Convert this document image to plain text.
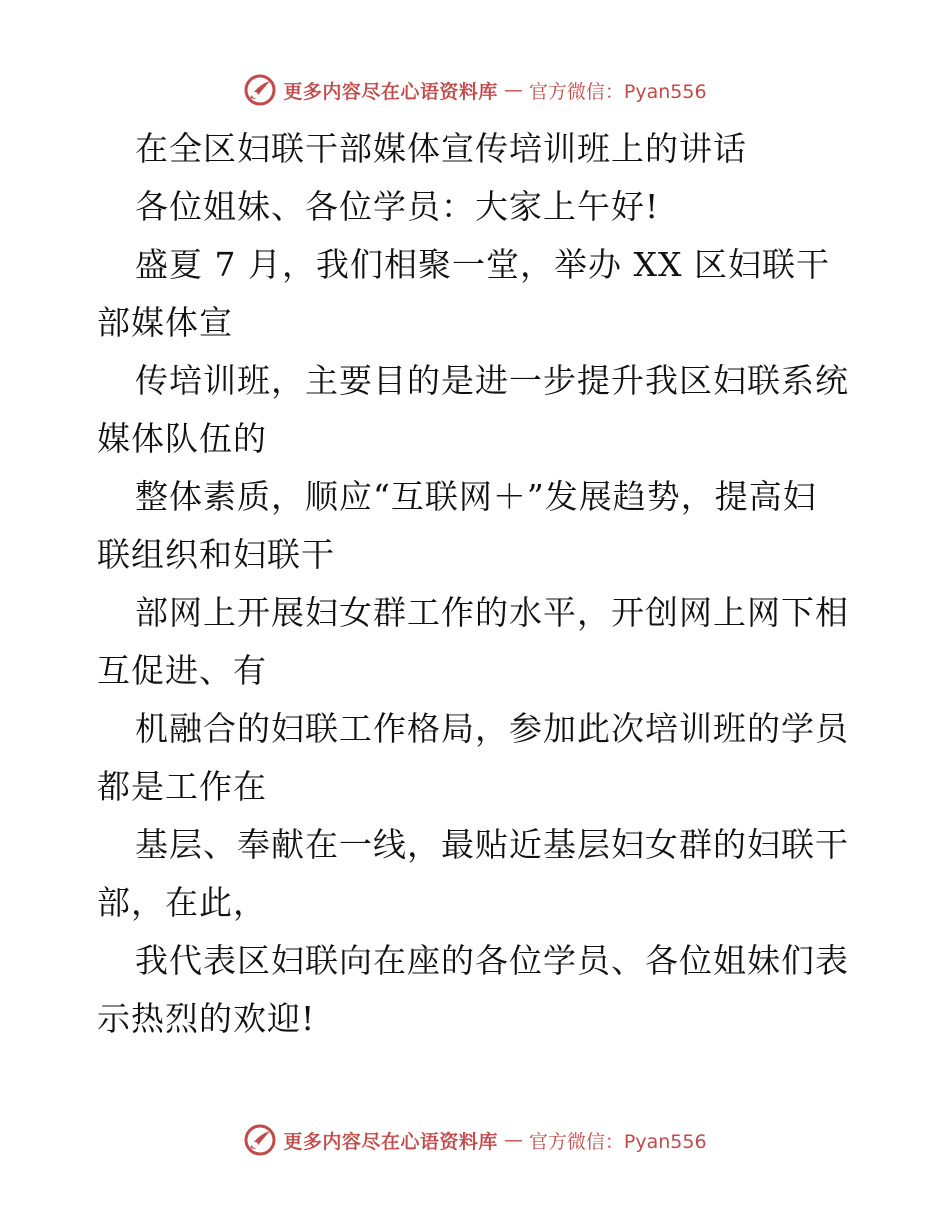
更多内容尽在心语资料库 — 官方微信：Pyan556

在全区妇联干部媒体宣传培训班上的讲话

各位姐妹、各位学员：大家上午好!

盛夏 7 月，我们相聚一堂，举办 XX 区妇联干

部媒体宣

传培训班，主要目的是进一步提升我区妇联系统

媒体队伍的

整体素质，顺应“互联网＋”发展趋势，提高妇

联组织和妇联干

部网上开展妇女群工作的水平，开创网上网下相

互促进、有

机融合的妇联工作格局，参加此次培训班的学员

都是工作在

基层、奉献在一线，最贴近基层妇女群的妇联干

部，在此，

我代表区妇联向在座的各位学员、各位姐妹们表

示热烈的欢迎!

更多内容尽在心语资料库 — 官方微信：Pyan556
